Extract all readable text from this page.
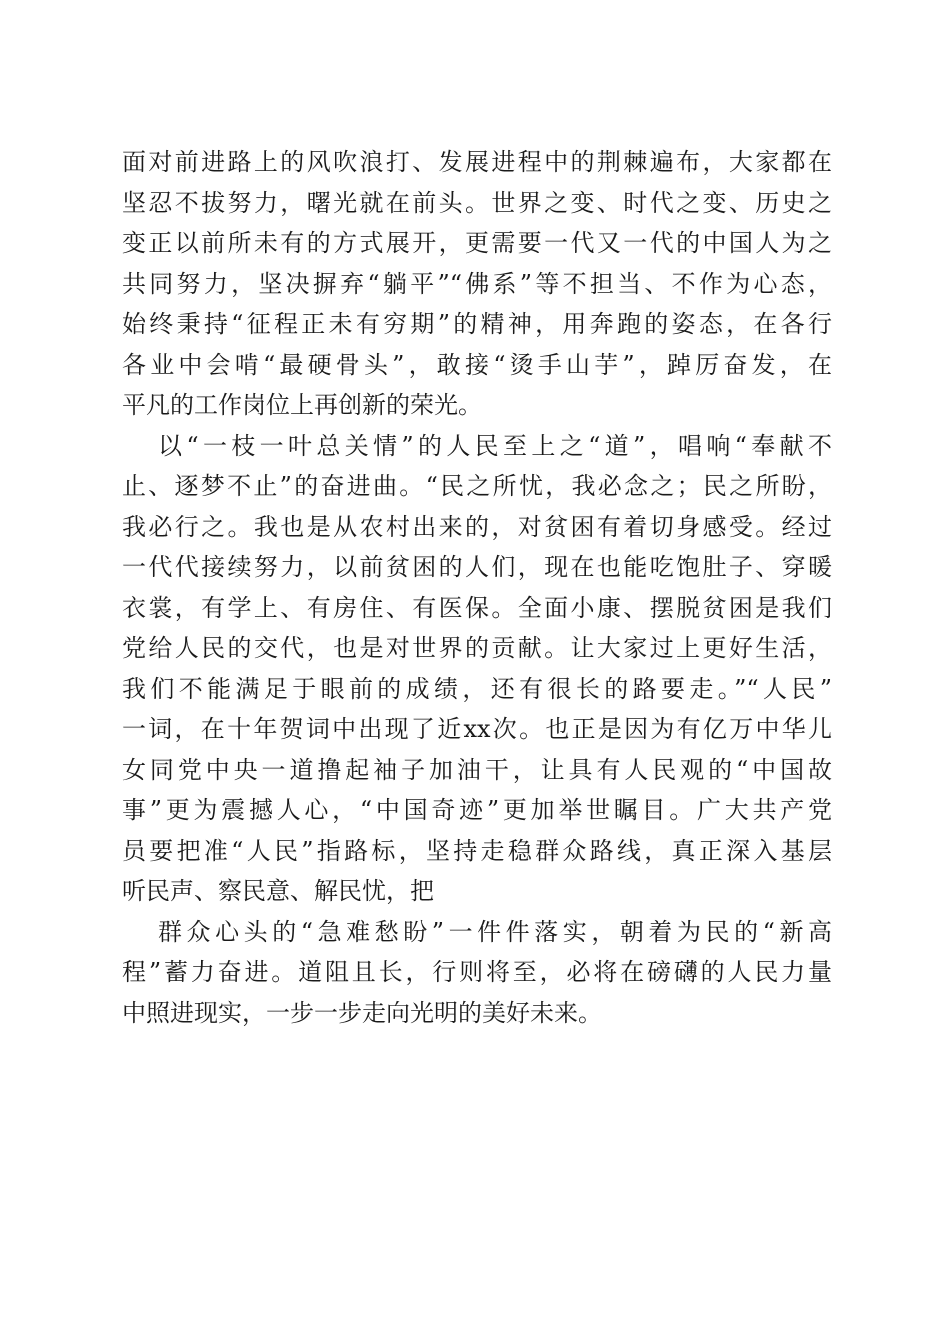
面对前进路上的风吹浪打、发展进程中的荆棘遍布，大家都在
坚忍不拔努力，曙光就在前头。世界之变、时代之变、历史之
变正以前所未有的方式展开，更需要一代又一代的中国人为之
共同努力，坚决摒弃“躺平”“佛系”等不担当、不作为心态，
始终秉持“征程正未有穷期”的精神，用奔跑的姿态，在各行
各业中会啃“最硬骨头”，敢接“烫手山芋”，踔厉奋发，在
平凡的工作岗位上再创新的荣光。
以“一枝一叶总关情”的人民至上之“道”，唱响“奉献不
止、逐梦不止”的奋进曲。“民之所忧，我必念之；民之所盼，
我必行之。我也是从农村出来的，对贫困有着切身感受。经过
一代代接续努力，以前贫困的人们，现在也能吃饱肚子、穿暖
衣裳，有学上、有房住、有医保。全面小康、摆脱贫困是我们
党给人民的交代，也是对世界的贡献。让大家过上更好生活，
我们不能满足于眼前的成绩，还有很长的路要走。”“人民”
一词，在十年贺词中出现了近xx次。也正是因为有亿万中华儿
女同党中央一道撸起袖子加油干，让具有人民观的“中国故
事”更为震撼人心，“中国奇迹”更加举世瞩目。广大共产党
员要把准“人民”指路标，坚持走稳群众路线，真正深入基层
听民声、察民意、解民忧，把
群众心头的“急难愁盼”一件件落实，朝着为民的“新高
程”蓄力奋进。道阻且长，行则将至，必将在磅礴的人民力量
中照进现实，一步一步走向光明的美好未来。
